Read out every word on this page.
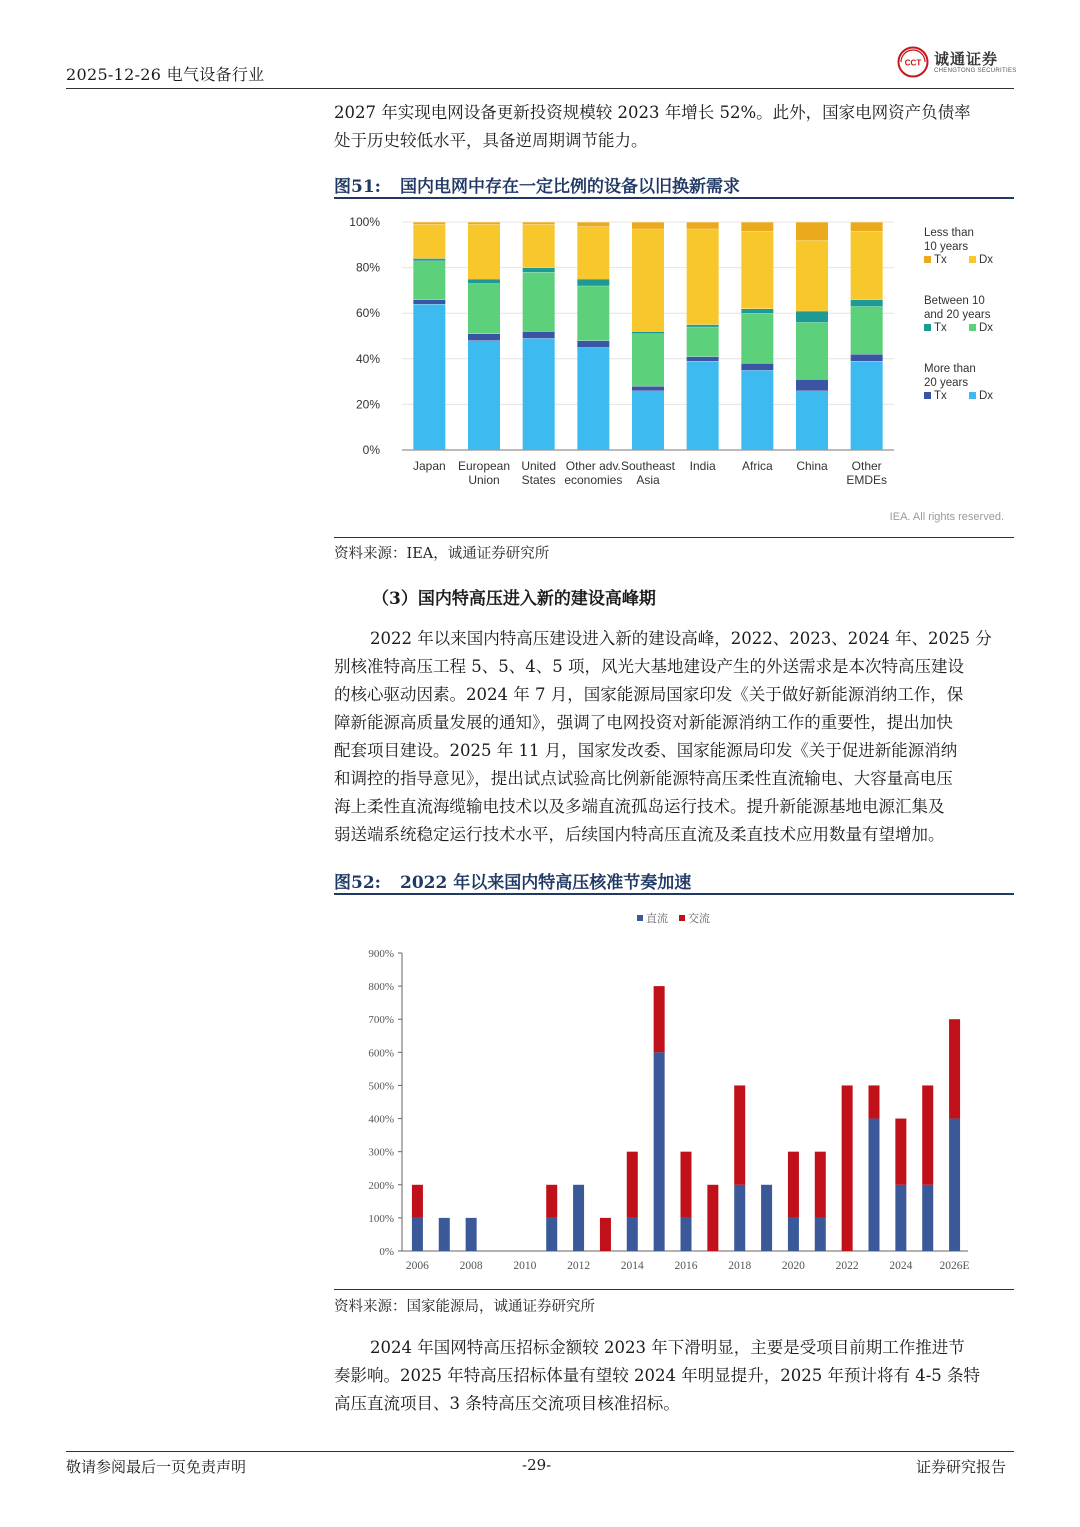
2025-12-26 电气设备行业
CCT 诚通证券
CHENGTONG SECURITIES
2027 年实现电网设备更新投资规模较 2023 年增长 52%。此外，国家电网资产负债率
处于历史较低水平，具备逆周期调节能力。
图51: 国内电网中存在一定比例的设备以旧换新需求
0%
20%
40%
60%
80%
100%
Japan European Union
United States
Other adv. economies
Southeast Asia
India Africa China	Other EMDEs
Less than 10 years
Tx	Dx
Between 10 and 20 years
Tx	Dx
More than 20 years
Tx	Dx
IEA. All rights reserved.
资料来源：IEA，诚通证券研究所
（3）国内特高压进入新的建设高峰期
2022 年以来国内特高压建设进入新的建设高峰，2022、2023、2024 年、2025 分
别核准特高压工程 5、5、4、5 项，风光大基地建设产生的外送需求是本次特高压建设
的核心驱动因素。2024 年 7 月，国家能源局国家印发《关于做好新能源消纳工作，保
障新能源高质量发展的通知》，强调了电网投资对新能源消纳工作的重要性，提出加快
配套项目建设。2025 年 11 月，国家发改委、国家能源局印发《关于促进新能源消纳
和调控的指导意见》，提出试点试验高比例新能源特高压柔性直流输电、大容量高电压
海上柔性直流海缆输电技术以及多端直流孤岛运行技术。提升新能源基地电源汇集及
弱送端系统稳定运行技术水平，后续国内特高压直流及柔直技术应用数量有望增加。
图52: 2022 年以来国内特高压核准节奏加速
直流 交流
0%
100%
200%
300%
400%
500%
600%
700%
800%
900%
2006	2008	2010	2012	2014	2016	2018	2020	2022	2024 2026E
资料来源：国家能源局，诚通证券研究所
2024 年国网特高压招标金额较 2023 年下滑明显，主要是受项目前期工作推进节
奏影响。2025 年特高压招标体量有望较 2024 年明显提升，2025 年预计将有 4-5 条特
高压直流项目、3 条特高压交流项目核准招标。
敬请参阅最后一页免责声明	-29-	证券研究报告
